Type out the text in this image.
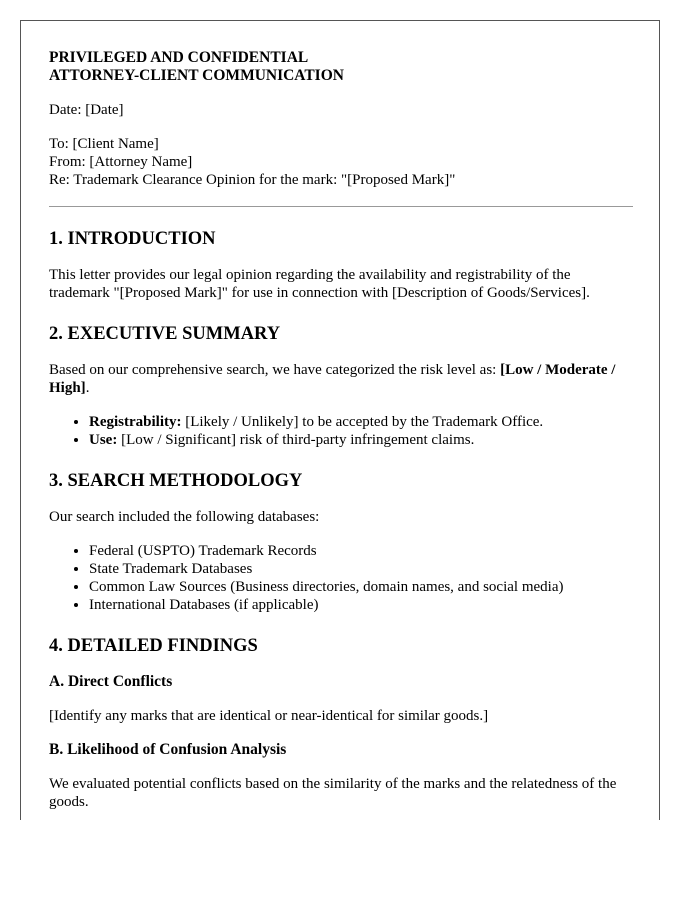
PRIVILEGED AND CONFIDENTIAL

ATTORNEY-CLIENT COMMUNICATION

Date: [Date]

To: [Client Name]

From: [Attorney Name]

Re: Trademark Clearance Opinion for the mark: "[Proposed Mark]"

1. INTRODUCTION

This letter provides our legal opinion regarding the availability and registrability of the trademark "[Proposed Mark]" for use in connection with [Description of Goods/Services].

2. EXECUTIVE SUMMARY

Based on our comprehensive search, we have categorized the risk level as: [Low / Moderate / High].

• Registrability: [Likely / Unlikely] to be accepted by the Trademark Office.
• Use: [Low / Significant] risk of third-party infringement claims.
3. SEARCH METHODOLOGY

Our search included the following databases:

• Federal (USPTO) Trademark Records
• State Trademark Databases
• Common Law Sources (Business directories, domain names, and social media)
• International Databases (if applicable)
4. DETAILED FINDINGS
A. Direct Conflicts

[Identify any marks that are identical or near-identical for similar goods.]

B. Likelihood of Confusion Analysis

We evaluated potential conflicts based on the similarity of the marks and the relatedness of the goods.
